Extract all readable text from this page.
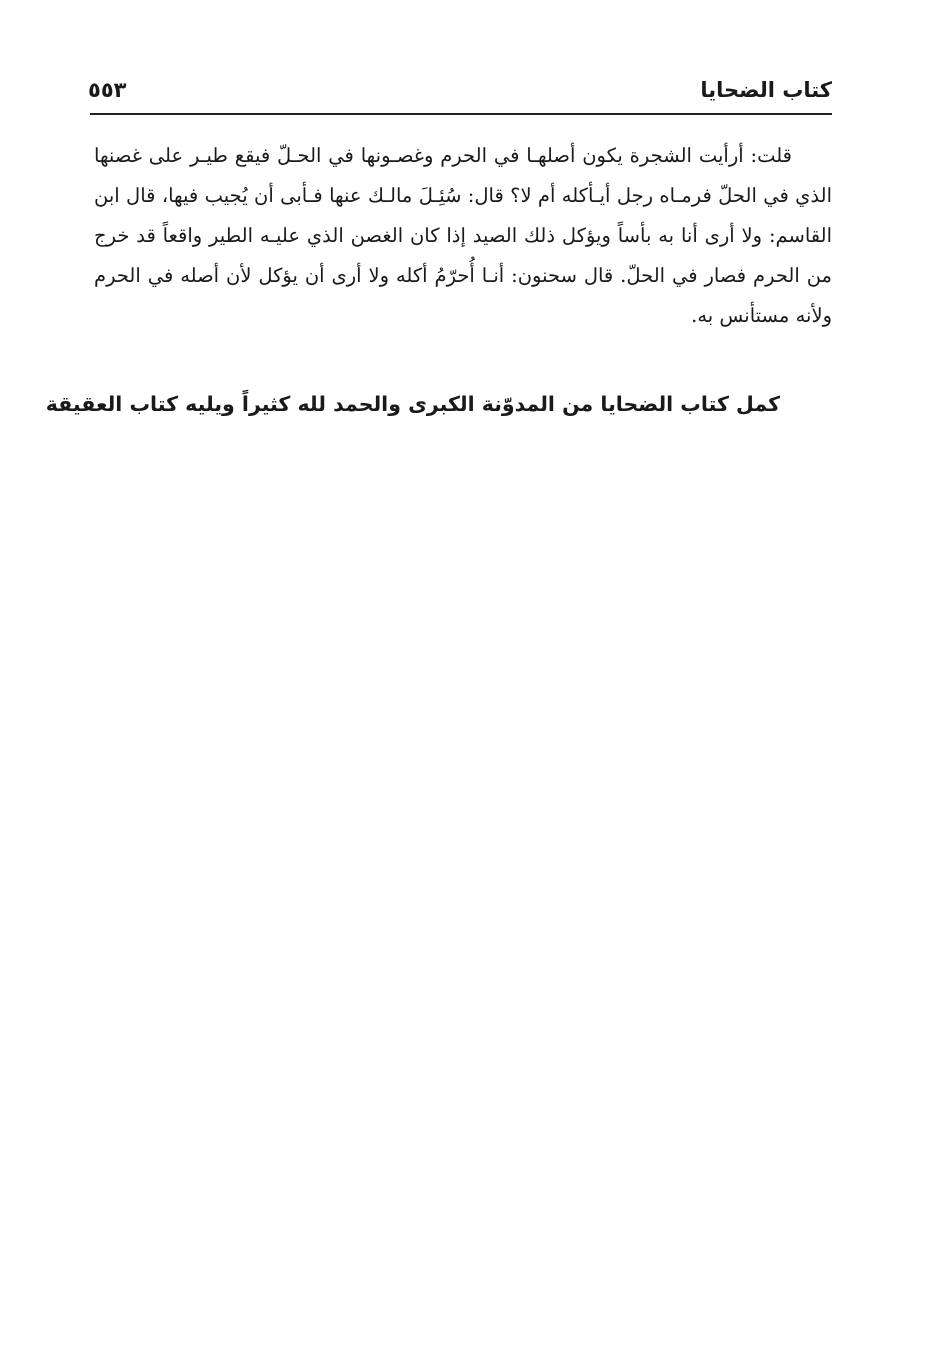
كتاب الضحايا
٥٥٣

قلت: أرأيت الشجرة يكون أصلهـا في الحرم وغصـونها في الحـلّ فيقع طيـر على غصنها الذي في الحلّ فرمـاه رجل أيـأكله أم لا؟ قال: سُئِـلَ مالـك عنها فـأبى أن يُجيب فيها، قال ابن القاسم: ولا أرى أنا به بأساً ويؤكل ذلك الصيد إذا كان الغصن الذي عليـه الطير واقعاً قد خرج من الحرم فصار في الحلّ. قال سحنون: أنـا أُحرّمُ أكله ولا أرى أن يؤكل لأن أصله في الحرم ولأنه مستأنس به.

كمل كتاب الضحايا من المدوّنة الكبرى والحمد لله كثيراً ويليه كتاب العقيقة
